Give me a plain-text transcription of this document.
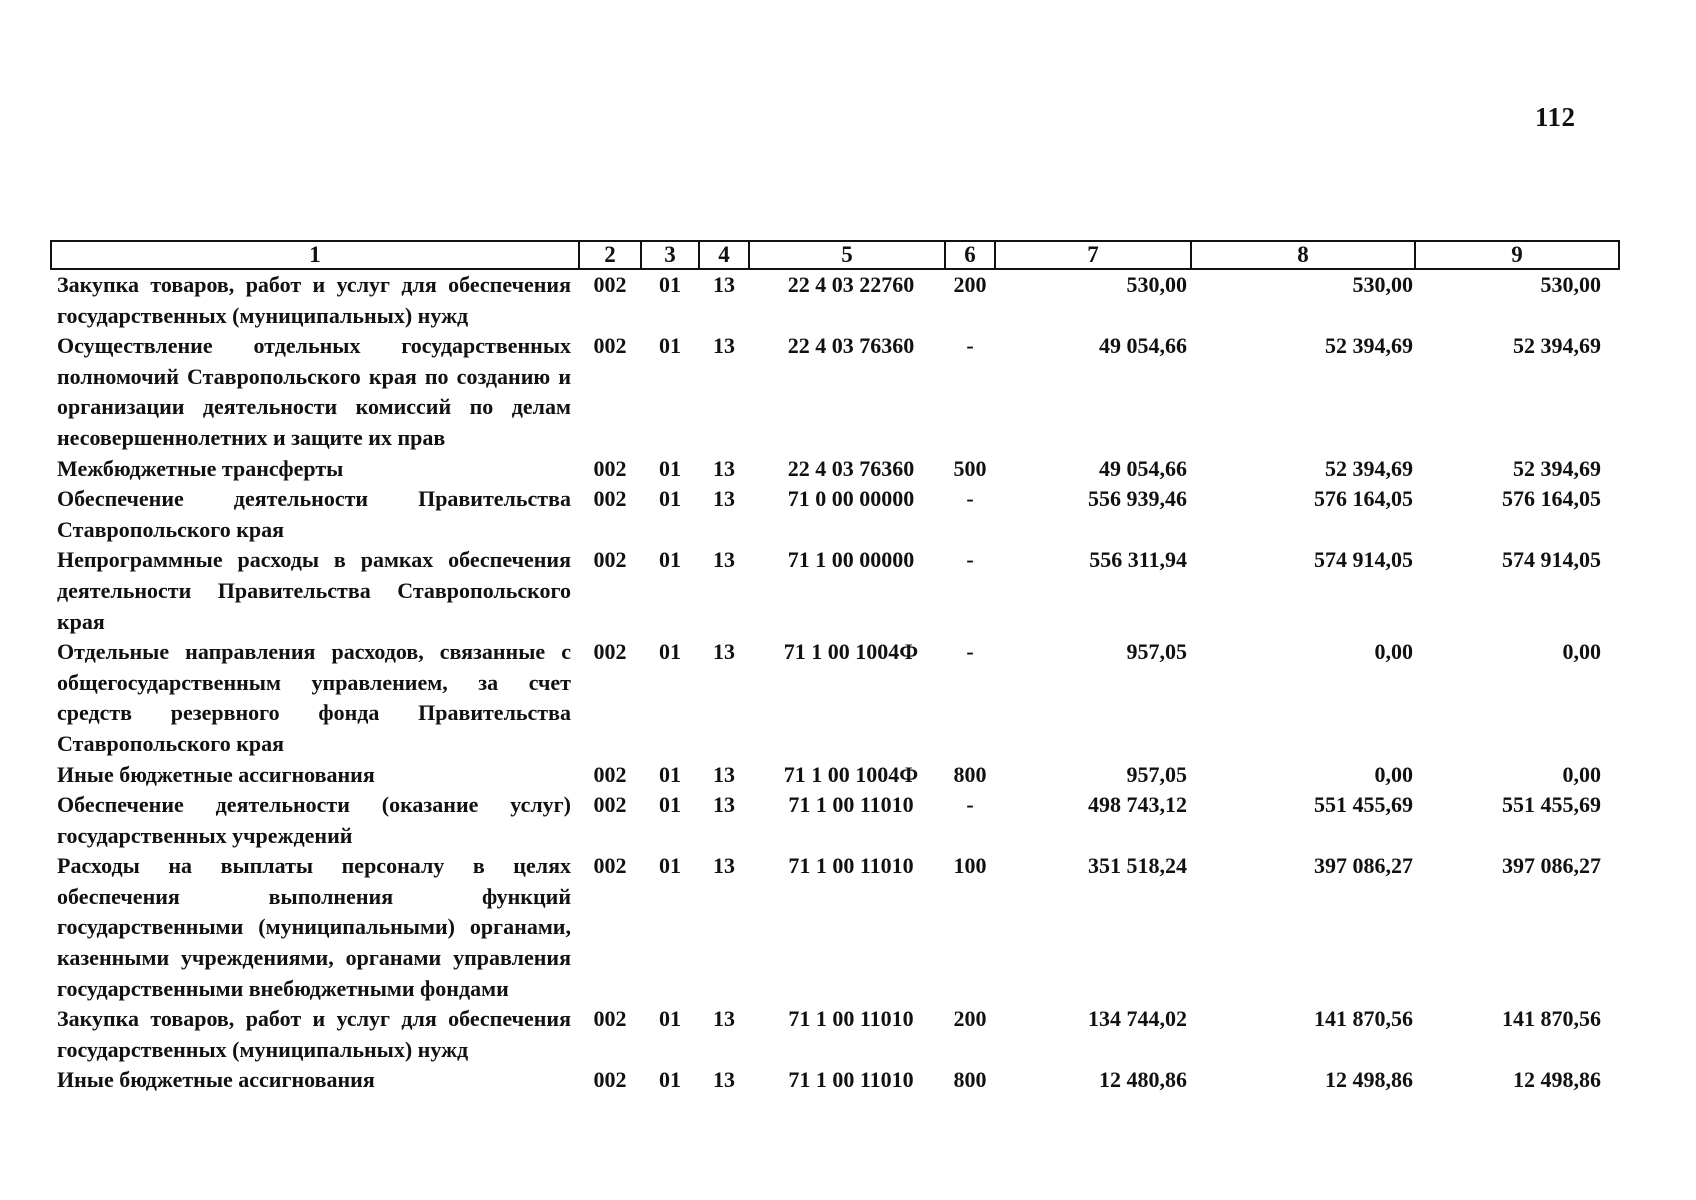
112
1	2	3	4	5	6	7	8	9
Закупка товаров, работ и услуг для обеспечения государственных (муниципальных) нужд	002	01	13	22 4 03 22760	200	530,00	530,00	530,00
Осуществление отдельных государственных полномочий Ставропольского края по созданию и организации деятельности комиссий по делам несовершеннолетних и защите их прав	002	01	13	22 4 03 76360	-	49 054,66	52 394,69	52 394,69
Межбюджетные трансферты	002	01	13	22 4 03 76360	500	49 054,66	52 394,69	52 394,69
Обеспечение деятельности Правительства Ставропольского края	002	01	13	71 0 00 00000	-	556 939,46	576 164,05	576 164,05
Непрограммные расходы в рамках обеспечения деятельности Правительства Ставропольского края	002	01	13	71 1 00 00000	-	556 311,94	574 914,05	574 914,05
Отдельные направления расходов, связанные с общегосударственным управлением, за счет средств резервного фонда Правительства Ставропольского края	002	01	13	71 1 00 1004Ф	-	957,05	0,00	0,00
Иные бюджетные ассигнования	002	01	13	71 1 00 1004Ф	800	957,05	0,00	0,00
Обеспечение деятельности (оказание услуг) государственных учреждений	002	01	13	71 1 00 11010	-	498 743,12	551 455,69	551 455,69
Расходы на выплаты персоналу в целях обеспечения выполнения функций государственными (муниципальными) органами, казенными учреждениями, органами управления государственными внебюджетными фондами	002	01	13	71 1 00 11010	100	351 518,24	397 086,27	397 086,27
Закупка товаров, работ и услуг для обеспечения государственных (муниципальных) нужд	002	01	13	71 1 00 11010	200	134 744,02	141 870,56	141 870,56
Иные бюджетные ассигнования	002	01	13	71 1 00 11010	800	12 480,86	12 498,86	12 498,86
